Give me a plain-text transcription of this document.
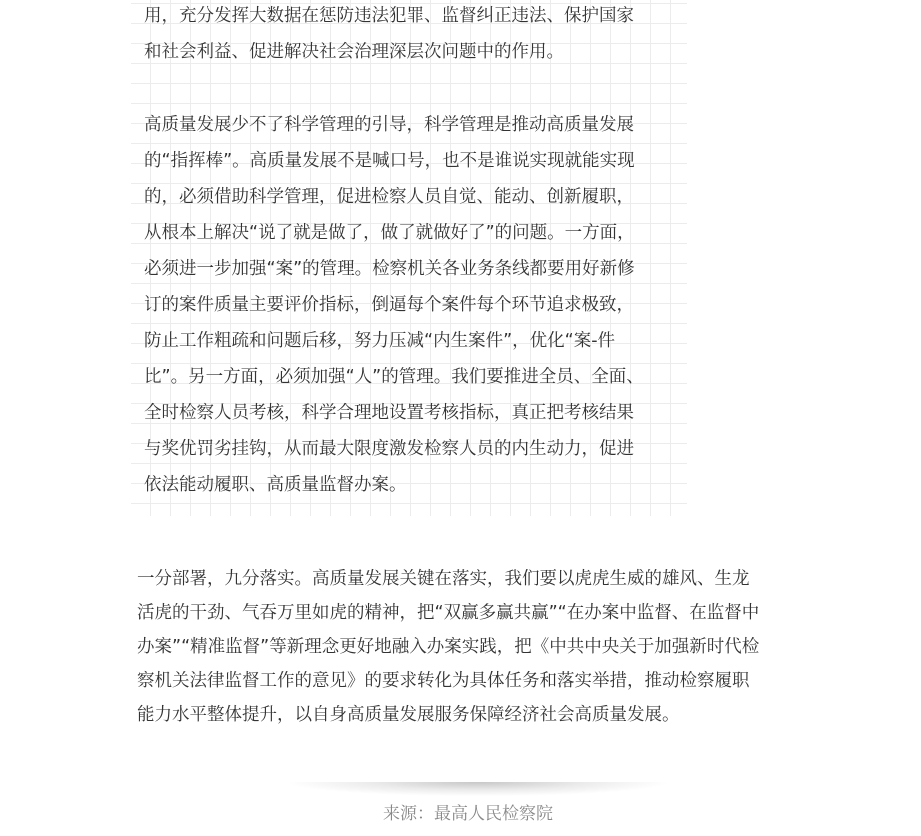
用，充分发挥大数据在惩防违法犯罪、监督纠正违法、保护国家
和社会利益、促进解决社会治理深层次问题中的作用。

高质量发展少不了科学管理的引导，科学管理是推动高质量发展
的“指挥棒”。高质量发展不是喊口号，也不是谁说实现就能实现
的，必须借助科学管理，促进检察人员自觉、能动、创新履职，
从根本上解决“说了就是做了，做了就做好了”的问题。一方面，
必须进一步加强“案”的管理。检察机关各业务条线都要用好新修
订的案件质量主要评价指标，倒逼每个案件每个环节追求极致，
防止工作粗疏和问题后移，努力压减“内生案件”，优化“案-件
比”。另一方面，必须加强“人”的管理。我们要推进全员、全面、
全时检察人员考核，科学合理地设置考核指标，真正把考核结果
与奖优罚劣挂钩，从而最大限度激发检察人员的内生动力，促进
依法能动履职、高质量监督办案。

一分部署，九分落实。高质量发展关键在落实，我们要以虎虎生威的雄风、生龙
活虎的干劲、气吞万里如虎的精神，把“双赢多赢共赢”“在办案中监督、在监督中
办案”“精准监督”等新理念更好地融入办案实践，把《中共中央关于加强新时代检
察机关法律监督工作的意见》的要求转化为具体任务和落实举措，推动检察履职
能力水平整体提升，以自身高质量发展服务保障经济社会高质量发展。

来源：最高人民检察院
